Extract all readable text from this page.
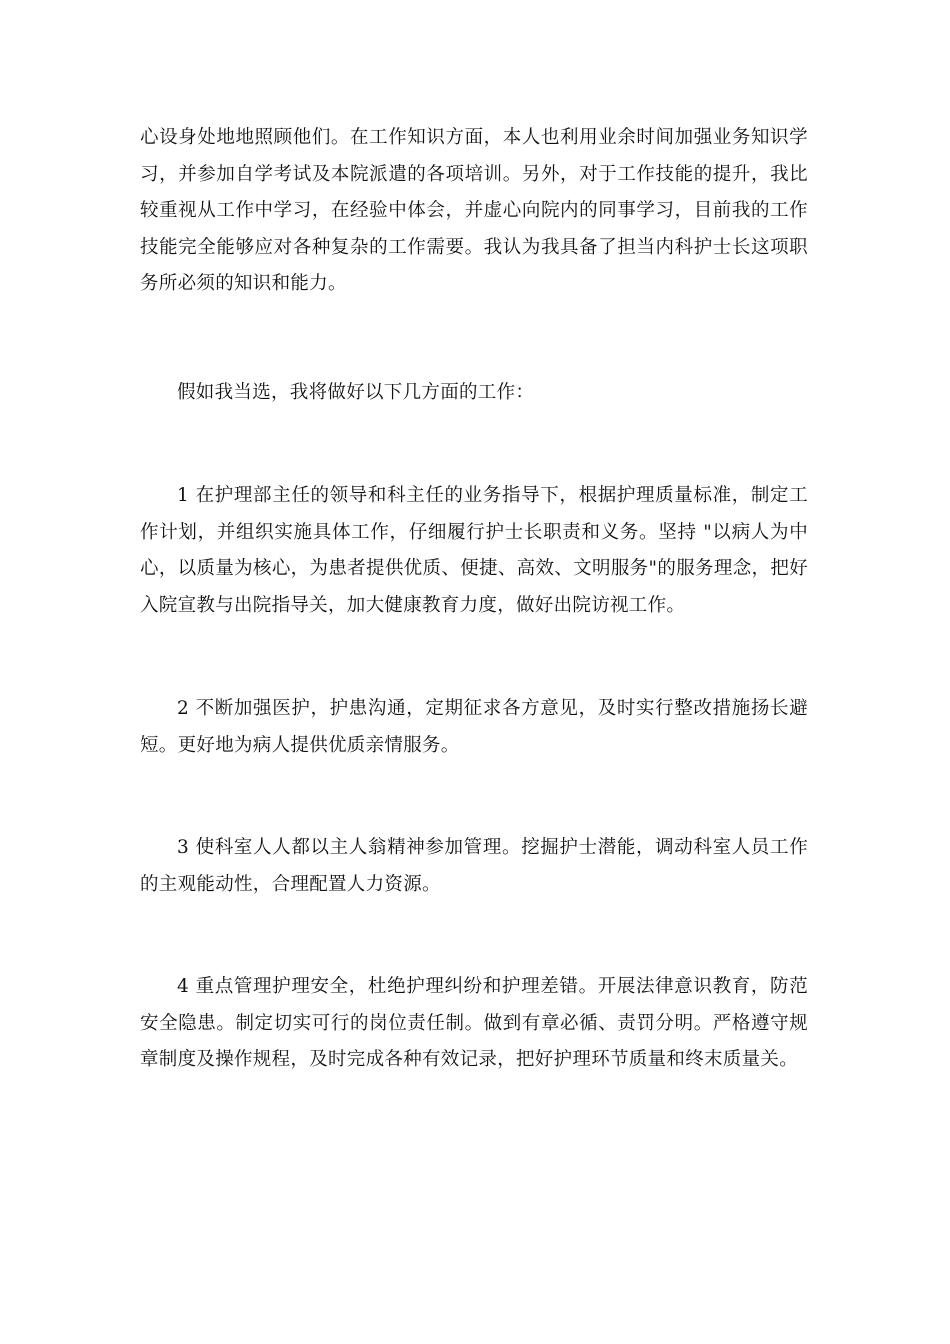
心设身处地地照顾他们。在工作知识方面，本人也利用业余时间加强业务知识学习，并参加自学考试及本院派遣的各项培训。另外，对于工作技能的提升，我比较重视从工作中学习，在经验中体会，并虚心向院内的同事学习，目前我的工作技能完全能够应对各种复杂的工作需要。我认为我具备了担当内科护士长这项职务所必须的知识和能力。

假如我当选，我将做好以下几方面的工作：

1 在护理部主任的领导和科主任的业务指导下，根据护理质量标准，制定工作计划，并组织实施具体工作，仔细履行护士长职责和义务。坚持 "以病人为中心，以质量为核心，为患者提供优质、便捷、高效、文明服务"的服务理念，把好入院宣教与出院指导关，加大健康教育力度，做好出院访视工作。

2 不断加强医护，护患沟通，定期征求各方意见，及时实行整改措施扬长避短。更好地为病人提供优质亲情服务。

3 使科室人人都以主人翁精神参加管理。挖掘护士潜能，调动科室人员工作的主观能动性，合理配置人力资源。

4 重点管理护理安全，杜绝护理纠纷和护理差错。开展法律意识教育，防范安全隐患。制定切实可行的岗位责任制。做到有章必循、责罚分明。严格遵守规章制度及操作规程，及时完成各种有效记录，把好护理环节质量和终末质量关。
